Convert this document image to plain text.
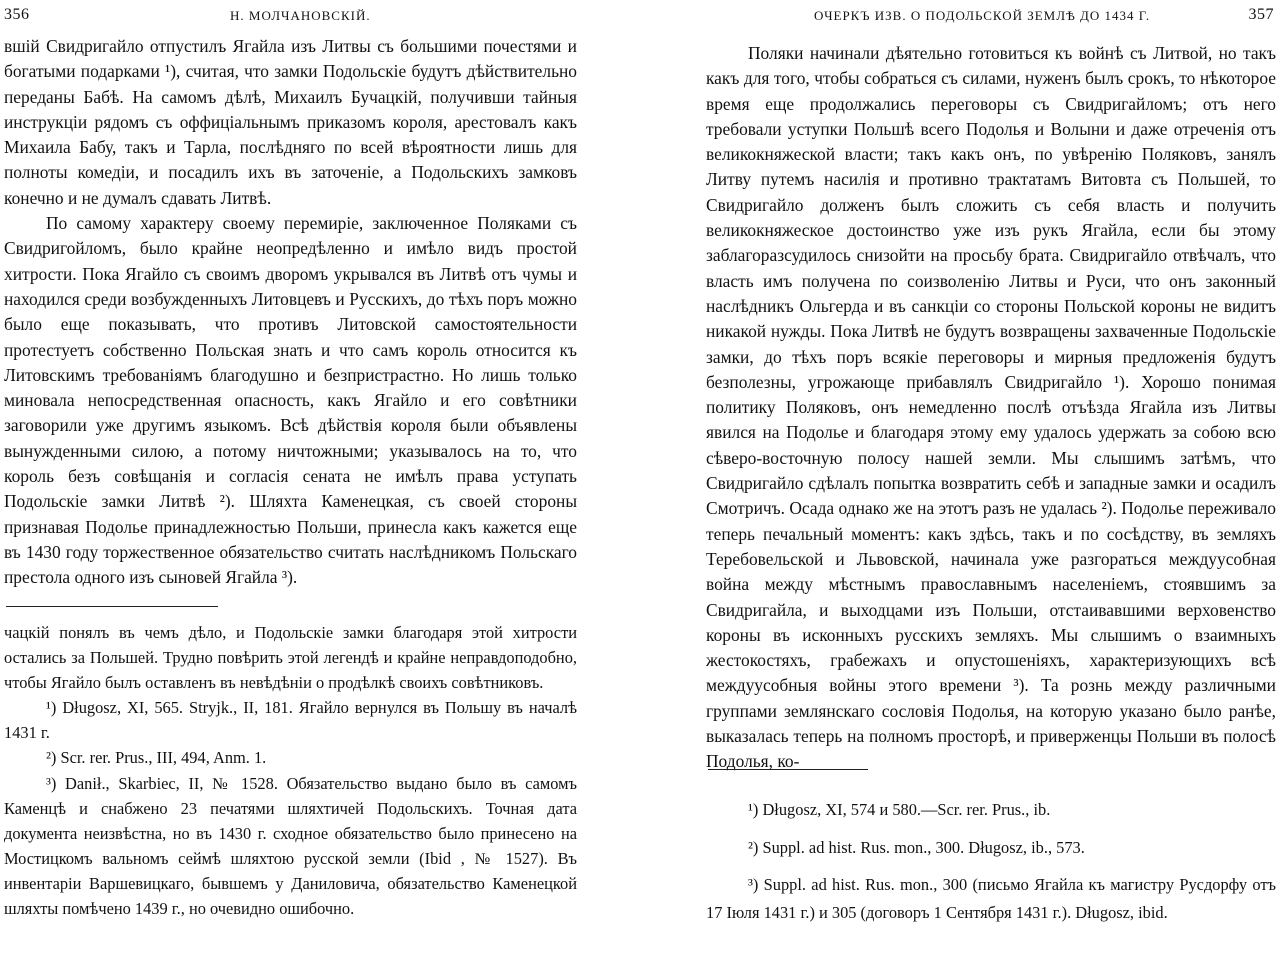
356	Н. МОЛЧАНОВСКІЙ.

вшій Свидригайло отпустилъ Ягайла изъ Литвы съ большими почестями и богатыми подарками ¹), считая, что замки Подольскіе будутъ дѣйствительно переданы Бабѣ. На самомъ дѣлѣ, Михаилъ Бучацкій, получивши тайныя инструкціи рядомъ съ оффиціальнымъ приказомъ короля, арестовалъ какъ Михаила Бабу, такъ и Тарла, послѣдняго по всей вѣроятности лишь для полноты комедіи, и посадилъ ихъ въ заточеніе, а Подольскихъ замковъ конечно и не думалъ сдавать Литвѣ.

По самому характеру своему перемиріе, заключенное Поляками съ Свидригойломъ, было крайне неопредѣленно и имѣло видъ простой хитрости. Пока Ягайло съ своимъ дворомъ укрывался въ Литвѣ отъ чумы и находился среди возбужденныхъ Литовцевъ и Русскихъ, до тѣхъ поръ можно было еще показывать, что противъ Литовской самостоятельности протестуетъ собственно Польская знать и что самъ король относится къ Литовскимъ требованіямъ благодушно и безпристрастно. Но лишь только миновала непосредственная опасность, какъ Ягайло и его совѣтники заговорили уже другимъ языкомъ. Всѣ дѣйствія короля были объявлены вынужденными силою, а потому ничтожными; указывалось на то, что король безъ совѣщанія и согласія сената не имѣлъ права уступать Подольскіе замки Литвѣ ²). Шляхта Каменецкая, съ своей стороны признавая Подолье принадлежностью Польши, принесла какъ кажется еще въ 1430 году торжественное обязательство считать наслѣдникомъ Польскаго престола одного изъ сыновей Ягайла ³).

чацкій понялъ въ чемъ дѣло, и Подольскіе замки благодаря этой хитрости остались за Польшей. Трудно повѣрить этой легендѣ и крайне неправдоподобно, чтобы Ягайло былъ оставленъ въ невѣдѣніи о продѣлкѣ своихъ совѣтниковъ.

¹) Długosz, XI, 565. Stryjk., II, 181. Ягайло вернулся въ Польшу въ началѣ 1431 г.

²) Scr. rer. Prus., III, 494, Anm. 1.

³) Danił., Skarbiec, II, № 1528. Обязательство выдано было въ самомъ Каменцѣ и снабжено 23 печатями шляхтичей Подольскихъ. Точная дата документа неизвѣстна, но въ 1430 г. сходное обязательство было принесено на Мостицкомъ вальномъ сеймѣ шляхтою русской земли (Ibid , № 1527). Въ инвентаріи Варшевицкаго, бывшемъ у Даниловича, обязательство Каменецкой шляхты помѣчено 1439 г., но очевидно ошибочно.

ОЧЕРКЪ ИЗВ. О ПОДОЛЬСКОЙ ЗЕМЛѢ ДО 1434 Г.	357

Поляки начинали дѣятельно готовиться къ войнѣ съ Литвой, но такъ какъ для того, чтобы собраться съ силами, нуженъ былъ срокъ, то нѣкоторое время еще продолжались переговоры съ Свидригайломъ; отъ него требовали уступки Польшѣ всего Подолья и Волыни и даже отреченія отъ великокняжеской власти; такъ какъ онъ, по увѣренію Поляковъ, занялъ Литву путемъ насилія и противно трактатамъ Витовта съ Польшей, то Свидригайло долженъ былъ сложить съ себя власть и получить великокняжеское достоинство уже изъ рукъ Ягайла, если бы этому заблагоразсудилось снизойти на просьбу брата. Свидригайло отвѣчалъ, что власть имъ получена по соизволенію Литвы и Руси, что онъ законный наслѣдникъ Ольгерда и въ санкціи со стороны Польской короны не видитъ никакой нужды. Пока Литвѣ не будутъ возвращены захваченные Подольскіе замки, до тѣхъ поръ всякіе переговоры и мирныя предложенія будутъ безполезны, угрожающе прибавлялъ Свидригайло ¹). Хорошо понимая политику Поляковъ, онъ немедленно послѣ отъѣзда Ягайла изъ Литвы явился на Подолье и благодаря этому ему удалось удержать за собою всю сѣверо-восточную полосу нашей земли. Мы слышимъ затѣмъ, что Свидригайло сдѣлалъ попытка возвратить себѣ и западные замки и осадилъ Смотричъ. Осада однако же на этотъ разъ не удалась ²). Подолье переживало теперь печальный моментъ: какъ здѣсь, такъ и по сосѣдству, въ земляхъ Теребовельской и Львовской, начинала уже разгораться междуусобная война между мѣстнымъ православнымъ населеніемъ, стоявшимъ за Свидригайла, и выходцами изъ Польши, отстаивавшими верховенство короны въ исконныхъ русскихъ земляхъ. Мы слышимъ о взаимныхъ жестокостяхъ, грабежахъ и опустошеніяхъ, характеризующихъ всѣ междуусобныя войны этого времени ³). Та рознь между различными группами землянскаго сословія Подолья, на которую указано было ранѣе, выказалась теперь на полномъ просторѣ, и приверженцы Польши въ полосѣ Подолья, ко-

¹) Długosz, XI, 574 и 580.—Scr. rer. Prus., ib.

²) Suppl. ad hist. Rus. mon., 300. Długosz, ib., 573.

³) Suppl. ad hist. Rus. mon., 300 (письмо Ягайла къ магистру Русдорфу отъ 17 Іюля 1431 г.) и 305 (договоръ 1 Сентября 1431 г.). Długosz, ibid.
